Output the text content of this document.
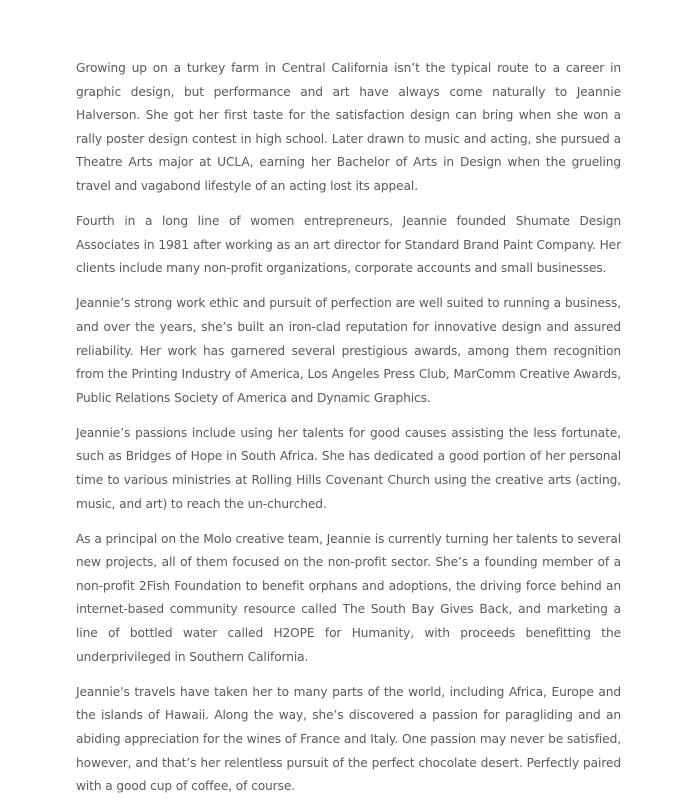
Growing up on a turkey farm in Central California isn’t the typical route to a career in graphic design, but performance and art have always come naturally to Jeannie Halverson. She got her first taste for the satisfaction design can bring when she won a rally poster design contest in high school. Later drawn to music and acting, she pursued a Theatre Arts major at UCLA, earning her Bachelor of Arts in Design when the grueling travel and vagabond lifestyle of an acting lost its appeal.

Fourth in a long line of women entrepreneurs, Jeannie founded Shumate Design Associates in 1981 after working as an art director for Standard Brand Paint Company. Her clients include many non-profit organizations, corporate accounts and small businesses.

Jeannie’s strong work ethic and pursuit of perfection are well suited to running a business, and over the years, she’s built an iron-clad reputation for innovative design and assured reliability. Her work has garnered several prestigious awards, among them recognition from the Printing Industry of America, Los Angeles Press Club, MarComm Creative Awards, Public Relations Society of America and Dynamic Graphics.

Jeannie’s passions include using her talents for good causes assisting the less fortunate, such as Bridges of Hope in South Africa. She has dedicated a good portion of her personal time to various ministries at Rolling Hills Covenant Church using the creative arts (acting, music, and art) to reach the un-churched.

As a principal on the Molo creative team, Jeannie is currently turning her talents to several new projects, all of them focused on the non-profit sector. She’s a founding member of a non-profit 2Fish Foundation to benefit orphans and adoptions, the driving force behind an internet-based community resource called The South Bay Gives Back, and marketing a line of bottled water called H2OPE for Humanity, with proceeds benefitting the underprivileged in Southern California.

Jeannie's travels have taken her to many parts of the world, including Africa, Europe and the islands of Hawaii. Along the way, she’s discovered a passion for paragliding and an abiding appreciation for the wines of France and Italy. One passion may never be satisfied, however, and that’s her relentless pursuit of the perfect chocolate desert. Perfectly paired with a good cup of coffee, of course.
